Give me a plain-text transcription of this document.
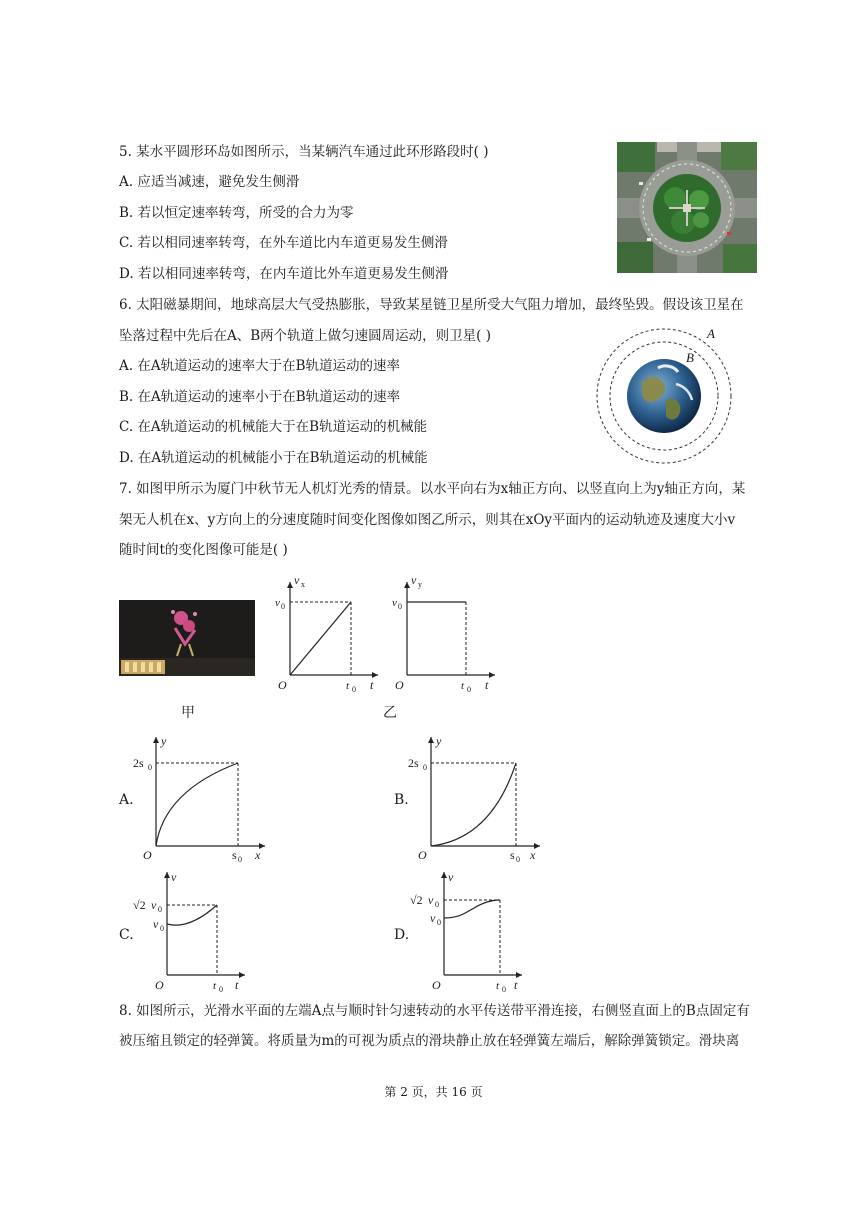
5. 某水平圆形环岛如图所示，当某辆汽车通过此环形路段时( )
A. 应适当减速，避免发生侧滑
B. 若以恒定速率转弯，所受的合力为零
C. 若以相同速率转弯，在外车道比内车道更易发生侧滑
D. 若以相同速率转弯，在内车道比外车道更易发生侧滑
6. 太阳磁暴期间，地球高层大气受热膨胀，导致某星链卫星所受大气阻力增加，最终坠毁。假设该卫星在
坠落过程中先后在A、B两个轨道上做匀速圆周运动，则卫星( )
A. 在A轨道运动的速率大于在B轨道运动的速率
B. 在A轨道运动的速率小于在B轨道运动的速率
C. 在A轨道运动的机械能大于在B轨道运动的机械能
D. 在A轨道运动的机械能小于在B轨道运动的机械能
A
B
7. 如图甲所示为厦门中秋节无人机灯光秀的情景。以水平向右为x轴正方向、以竖直向上为y轴正方向，某
架无人机在x、y方向上的分速度随时间变化图像如图乙所示，则其在xOy平面内的运动轨迹及速度大小v
随时间t的变化图像可能是( )
甲
v x
v 0
O	t 0 t
v y
v 0
O	t 0 t
乙
A.
y
2s 0
O	s 0 x
B.
y
2s 0
O	s 0 x
C.
v
√2 v 0
v 0
O	t 0 t
D.
v
√2 v 0
v 0
O	t 0 t
8. 如图所示，光滑水平面的左端A点与顺时针匀速转动的水平传送带平滑连接，右侧竖直面上的B点固定有
被压缩且锁定的轻弹簧。将质量为m的可视为质点的滑块静止放在轻弹簧左端后，解除弹簧锁定。滑块离
第 2 页，共 16 页
